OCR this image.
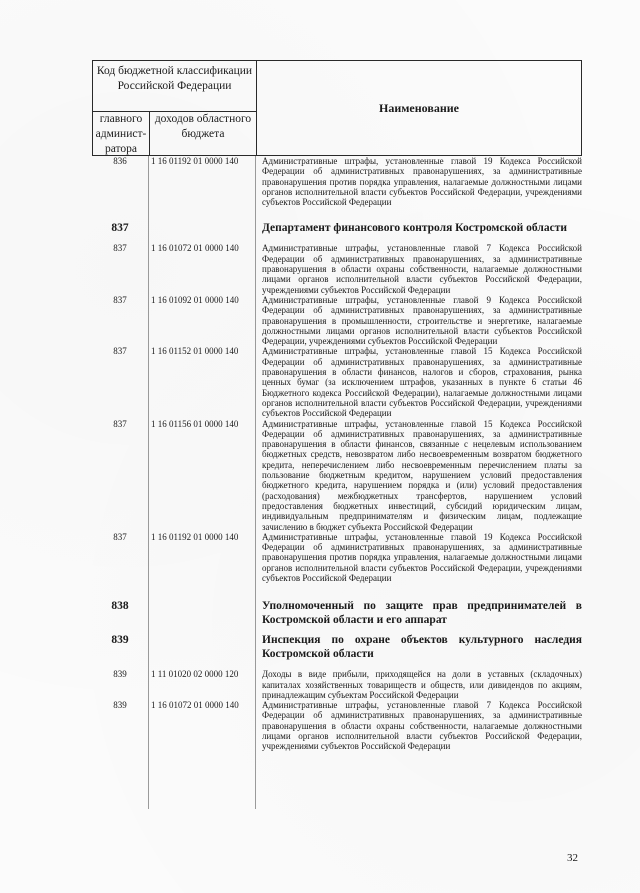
Код бюджетной классификации Российской Федерации
главного админист-ратора
доходов областного бюджета
Наименование
836	1 16 01192 01 0000 140	Административные штрафы, установленные главой 19 Кодекса Российской Федерации об административных правонарушениях, за административные правонарушения против порядка управления, налагаемые должностными лицами органов исполнительной власти субъектов Российской Федерации, учреждениями субъектов Российской Федерации
837	Департамент финансового контроля Костромской области
837	1 16 01072 01 0000 140	Административные штрафы, установленные главой 7 Кодекса Российской Федерации об административных правонарушениях, за административные правонарушения в области охраны собственности, налагаемые должностными лицами органов исполнительной власти субъектов Российской Федерации, учреждениями субъектов Российской Федерации
837	1 16 01092 01 0000 140	Административные штрафы, установленные главой 9 Кодекса Российской Федерации об административных правонарушениях, за административные правонарушения в промышленности, строительстве и энергетике, налагаемые должностными лицами органов исполнительной власти субъектов Российской Федерации, учреждениями субъектов Российской Федерации
837	1 16 01152 01 0000 140	Административные штрафы, установленные главой 15 Кодекса Российской Федерации об административных правонарушениях, за административные правонарушения в области финансов, налогов и сборов, страхования, рынка ценных бумаг (за исключением штрафов, указанных в пункте 6 статьи 46 Бюджетного кодекса Российской Федерации), налагаемые должностными лицами органов исполнительной власти субъектов Российской Федерации, учреждениями субъектов Российской Федерации
837	1 16 01156 01 0000 140	Административные штрафы, установленные главой 15 Кодекса Российской Федерации об административных правонарушениях, за административные правонарушения в области финансов, связанные с нецелевым использованием бюджетных средств, невозвратом либо несвоевременным возвратом бюджетного кредита, неперечислением либо несвоевременным перечислением платы за пользование бюджетным кредитом, нарушением условий предоставления бюджетного кредита, нарушением порядка и (или) условий предоставления (расходования) межбюджетных трансфертов, нарушением условий предоставления бюджетных инвестиций, субсидий юридическим лицам, индивидуальным предпринимателям и физическим лицам, подлежащие зачислению в бюджет субъекта Российской Федерации
837	1 16 01192 01 0000 140	Административные штрафы, установленные главой 19 Кодекса Российской Федерации об административных правонарушениях, за административные правонарушения против порядка управления, налагаемые должностными лицами органов исполнительной власти субъектов Российской Федерации, учреждениями субъектов Российской Федерации
838	Уполномоченный по защите прав предпринимателей в Костромской области и его аппарат
839	Инспекция по охране объектов культурного наследия Костромской области
839	1 11 01020 02 0000 120	Доходы в виде прибыли, приходящейся на доли в уставных (складочных) капиталах хозяйственных товариществ и обществ, или дивидендов по акциям, принадлежащим субъектам Российской Федерации
839	1 16 01072 01 0000 140	Административные штрафы, установленные главой 7 Кодекса Российской Федерации об административных правонарушениях, за административные правонарушения в области охраны собственности, налагаемые должностными лицами органов исполнительной власти субъектов Российской Федерации, учреждениями субъектов Российской Федерации
32
